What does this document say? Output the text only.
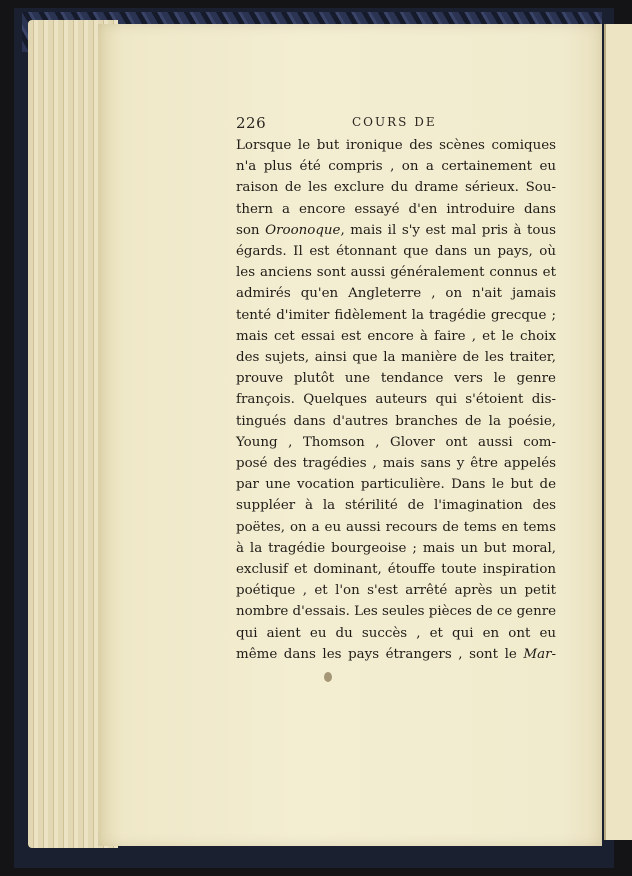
226	COURS DE
Lorsque le but ironique des scènes comiques
n'a plus été compris , on a certainement eu
raison de les exclure du drame sérieux. Sou-
thern a encore essayé d'en introduire dans
son Oroonoque, mais il s'y est mal pris à tous
égards. Il est étonnant que dans un pays, où
les anciens sont aussi généralement connus et
admirés qu'en Angleterre , on n'ait jamais
tenté d'imiter fidèlement la tragédie grecque ;
mais cet essai est encore à faire , et le choix
des sujets, ainsi que la manière de les traiter,
prouve plutôt une tendance vers le genre
françois. Quelques auteurs qui s'étoient dis-
tingués dans d'autres branches de la poésie,
Young , Thomson , Glover ont aussi com-
posé des tragédies , mais sans y être appelés
par une vocation particulière. Dans le but de
suppléer à la stérilité de l'imagination des
poëtes, on a eu aussi recours de tems en tems
à la tragédie bourgeoise ; mais un but moral,
exclusif et dominant, étouffe toute inspiration
poétique , et l'on s'est arrêté après un petit
nombre d'essais. Les seules pièces de ce genre
qui aient eu du succès , et qui en ont eu
même dans les pays étrangers , sont le Mar-
